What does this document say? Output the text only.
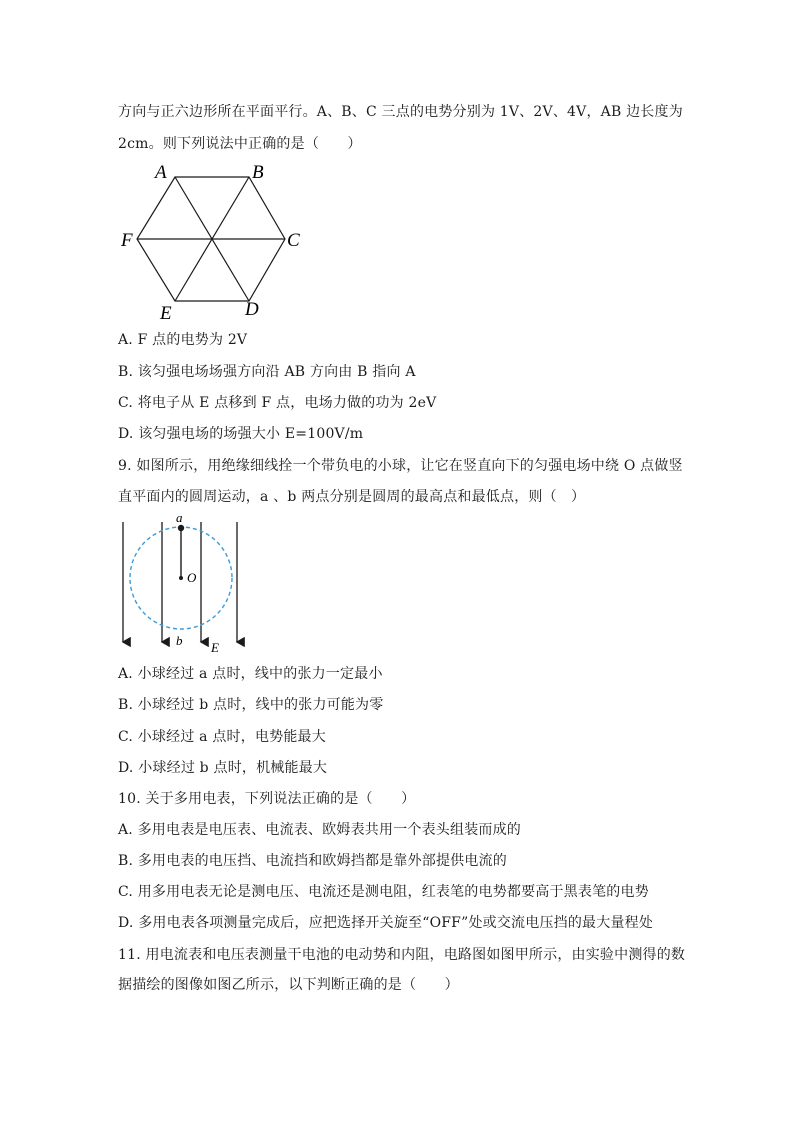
方向与正六边形所在平面平行。A、B、C 三点的电势分别为 1V、2V、4V，AB 边长度为
2cm。则下列说法中正确的是（　　）
A	B
C
D
E
F
A. F 点的电势为 2V
B. 该匀强电场场强方向沿 AB 方向由 B 指向 A
C. 将电子从 E 点移到 F 点，电场力做的功为 2eV
D. 该匀强电场的场强大小 E=100V/m
9. 如图所示，用绝缘细线拴一个带负电的小球，让它在竖直向下的匀强电场中绕 O 点做竖
直平面内的圆周运动，a 、b 两点分别是圆周的最高点和最低点，则（　）
a
O
b E
A. 小球经过 a 点时，线中的张力一定最小
B. 小球经过 b 点时，线中的张力可能为零
C. 小球经过 a 点时，电势能最大
D. 小球经过 b 点时，机械能最大
10. 关于多用电表，下列说法正确的是（　　）
A. 多用电表是电压表、电流表、欧姆表共用一个表头组装而成的
B. 多用电表的电压挡、电流挡和欧姆挡都是靠外部提供电流的
C. 用多用电表无论是测电压、电流还是测电阻，红表笔的电势都要高于黑表笔的电势
D. 多用电表各项测量完成后，应把选择开关旋至“OFF”处或交流电压挡的最大量程处
11. 用电流表和电压表测量干电池的电动势和内阻，电路图如图甲所示，由实验中测得的数
据描绘的图像如图乙所示，以下判断正确的是（　　）
